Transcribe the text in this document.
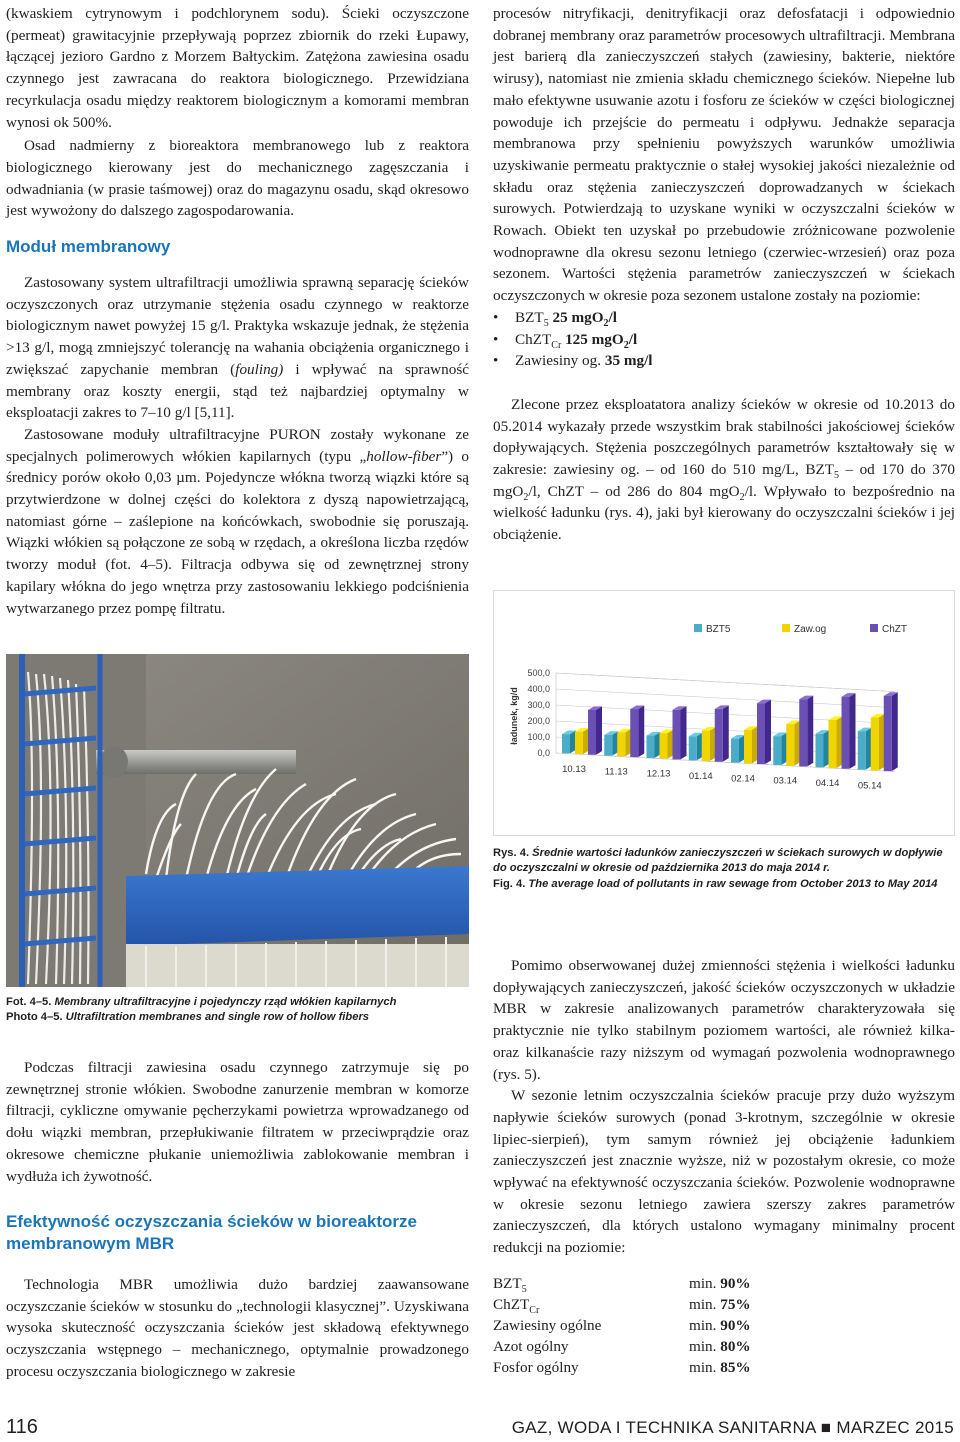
(kwaskiem cytrynowym i podchlorynem sodu). Ścieki oczyszczone (permeat) grawitacyjnie przepływają poprzez zbiornik do rzeki Łupawy, łączącej jezioro Gardno z Morzem Bałtyckim. Zatężona zawiesina osadu czynnego jest zawracana do reaktora biologicznego. Przewidziana recyrkulacja osadu między reaktorem biologicznym a komorami membran wynosi ok 500%.

Osad nadmierny z bioreaktora membranowego lub z reaktora biologicznego kierowany jest do mechanicznego zagęszczania i odwadniania (w prasie taśmowej) oraz do magazynu osadu, skąd okresowo jest wywożony do dalszego zagospodarowania.

Moduł membranowy

Zastosowany system ultrafiltracji umożliwia sprawną separację ścieków oczyszczonych oraz utrzymanie stężenia osadu czynnego w reaktorze biologicznym nawet powyżej 15 g/l. Praktyka wskazuje jednak, że stężenia >13 g/l, mogą zmniejszyć tolerancję na wahania obciążenia organicznego i zwiększać zapychanie membran (fouling) i wpływać na sprawność membrany oraz koszty energii, stąd też najbardziej optymalny w eksploatacji zakres to 7–10 g/l [5,11].

Zastosowane moduły ultrafiltracyjne PURON zostały wykonane ze specjalnych polimerowych włókien kapilarnych (typu „hollow-fiber”) o średnicy porów około 0,03 µm. Pojedyncze włókna tworzą wiązki które są przytwierdzone w dolnej części do kolektora z dyszą napowietrzającą, natomiast górne – zaślepione na końcówkach, swobodnie się poruszają. Wiązki włókien są połączone ze sobą w rzędach, a określona liczba rzędów tworzy moduł (fot. 4–5). Filtracja odbywa się od zewnętrznej strony kapilary włókna do jego wnętrza przy zastosowaniu lekkiego podciśnienia wytwarzanego przez pompę filtratu.

Fot. 4–5. Membrany ultrafiltracyjne i pojedynczy rząd włókien kapilarnych
Photo 4–5. Ultrafiltration membranes and single row of hollow fibers

Podczas filtracji zawiesina osadu czynnego zatrzymuje się po zewnętrznej stronie włókien. Swobodne zanurzenie membran w komorze filtracji, cykliczne omywanie pęcherzykami powietrza wprowadzanego od dołu wiązki membran, przepłukiwanie filtratem w przeciwprądzie oraz okresowe chemiczne płukanie uniemożliwia zablokowanie membran i wydłuża ich żywotność.

Efektywność oczyszczania ścieków w bioreaktorze membranowym MBR

Technologia MBR umożliwia dużo bardziej zaawansowane oczyszczanie ścieków w stosunku do „technologii klasycznej”. Uzyskiwana wysoka skuteczność oczyszczania ścieków jest składową efektywnego oczyszczania wstępnego – mechanicznego, optymalnie prowadzonego procesu oczyszczania biologicznego w zakresie

procesów nitryfikacji, denitryfikacji oraz defosfatacji i odpowiednio dobranej membrany oraz parametrów procesowych ultrafiltracji. Membrana jest barierą dla zanieczyszczeń stałych (zawiesiny, bakterie, niektóre wirusy), natomiast nie zmienia składu chemicznego ścieków. Niepełne lub mało efektywne usuwanie azotu i fosforu ze ścieków w części biologicznej powoduje ich przejście do permeatu i odpływu. Jednakże separacja membranowa przy spełnieniu powyższych warunków umożliwia uzyskiwanie permeatu praktycznie o stałej wysokiej jakości niezależnie od składu oraz stężenia zanieczyszczeń doprowadzanych w ściekach surowych. Potwierdzają to uzyskane wyniki w oczyszczalni ścieków w Rowach. Obiekt ten uzyskał po przebudowie zróżnicowane pozwolenie wodnoprawne dla okresu sezonu letniego (czerwiec-wrzesień) oraz poza sezonem. Wartości stężenia parametrów zanieczyszczeń w ściekach oczyszczonych w okresie poza sezonem ustalone zostały na poziomie:

• $BZT_5$ 25 mgO$_2$/l
• ChZT$_{Cr}$ 125 mgO$_2$/l
• Zawiesiny og. 35 mg/l

Zlecone przez eksploatatora analizy ścieków w okresie od 10.2013 do 05.2014 wykazały przede wszystkim brak stabilności jakościowej ścieków dopływających. Stężenia poszczególnych parametrów kształtowały się w zakresie: zawiesiny og. – od 160 do 510 mg/L, $BZT_5$ – od 170 do 370 mgO$_2$/l, ChZT – od 286 do 804 mgO$_2$/l. Wpływało to bezpośrednio na wielkość ładunku (rys. 4), jaki był kierowany do oczyszczalni ścieków i jej obciążenie.

BZT5	Zaw.og	ChZT
0,0
100,0
200,0
300,0
400,0
500,0
ładunek, kg/d
10.13 11.13 12.13 01.14 02.14 03.14 04.14 05.14
Rys. 4. Średnie wartości ładunków zanieczyszczeń w ściekach surowych w dopływie do oczyszczalni w okresie od października 2013 do maja 2014 r.
Fig. 4. The average load of pollutants in raw sewage from October 2013 to May 2014

Pomimo obserwowanej dużej zmienności stężenia i wielkości ładunku dopływających zanieczyszczeń, jakość ścieków oczyszczonych w układzie MBR w zakresie analizowanych parametrów charakteryzowała się praktycznie nie tylko stabilnym poziomem wartości, ale również kilka- oraz kilkanaście razy niższym od wymagań pozwolenia wodnoprawnego (rys. 5).

W sezonie letnim oczyszczalnia ścieków pracuje przy dużo wyższym napływie ścieków surowych (ponad 3-krotnym, szczególnie w okresie lipiec-sierpień), tym samym również jej obciążenie ładunkiem zanieczyszczeń jest znacznie wyższe, niż w pozostałym okresie, co może wpływać na efektywność oczyszczania ścieków. Pozwolenie wodnoprawne w okresie sezonu letniego zawiera szerszy zakres parametrów zanieczyszczeń, dla których ustalono wymagany minimalny procent redukcji na poziomie:

$BZT_5$	min. 90%
ChZT$_{Cr}$	min. 75%
Zawiesiny ogólne	min. 90%
Azot ogólny	min. 80%
Fosfor ogólny	min. 85%
116	GAZ, WODA I TECHNIKA SANITARNA ■ MARZEC 2015
